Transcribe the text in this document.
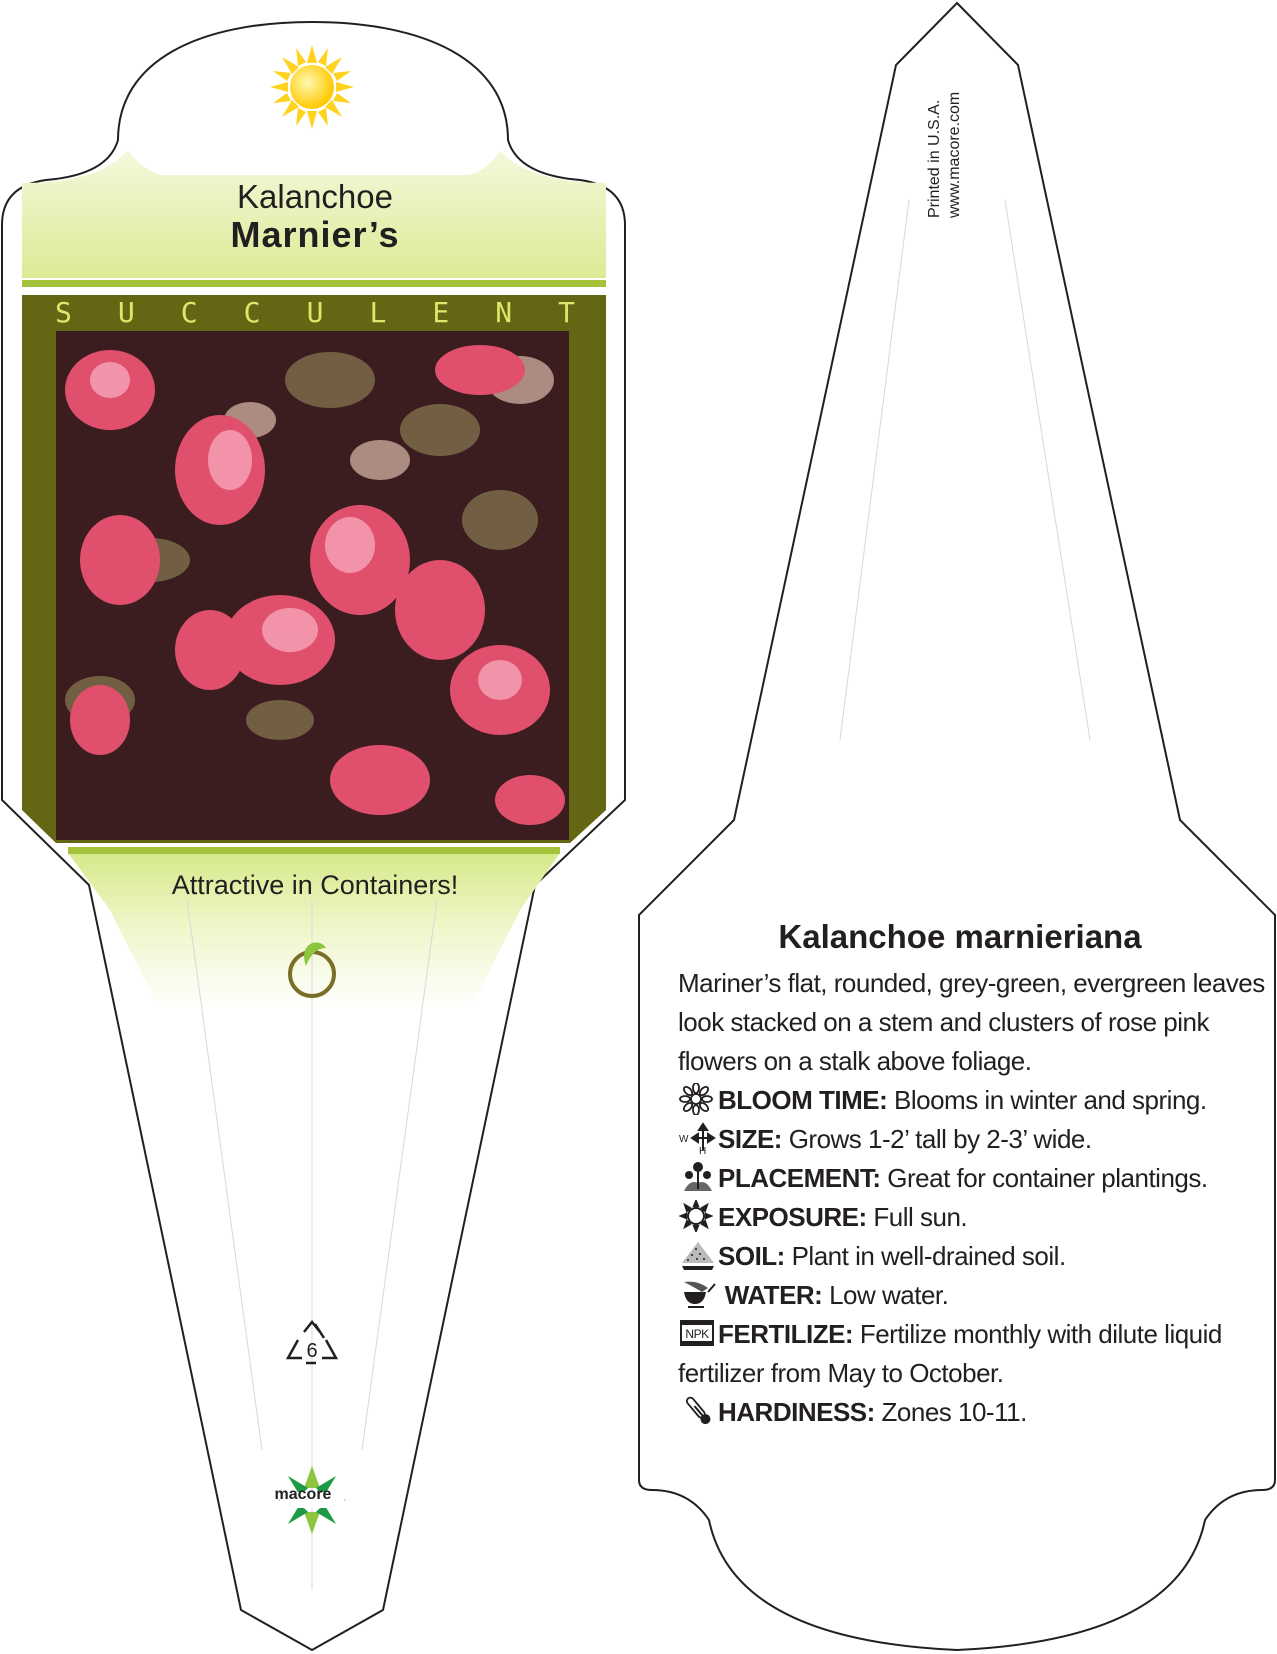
Kalanchoe
Marnier’s
S U C C U L E N T
Attractive in Containers!
6
macore
Printed in U.S.A. www.macore.com
Kalanchoe marnieriana

Mariner’s flat, rounded, grey-green, evergreen leaves look stacked on a stem and clusters of rose pink flowers on a stalk above foliage.

BLOOM TIME: Blooms in winter and spring.

W
H SIZE: Grows 1-2’ tall by 2-3’ wide.

PLACEMENT: Great for container plantings.

EXPOSURE: Full sun.

SOIL: Plant in well-drained soil.

WATER: Low water.

NPK FERTILIZE: Fertilize monthly with dilute liquid fertilizer from May to October.

HARDINESS: Zones 10-11.
